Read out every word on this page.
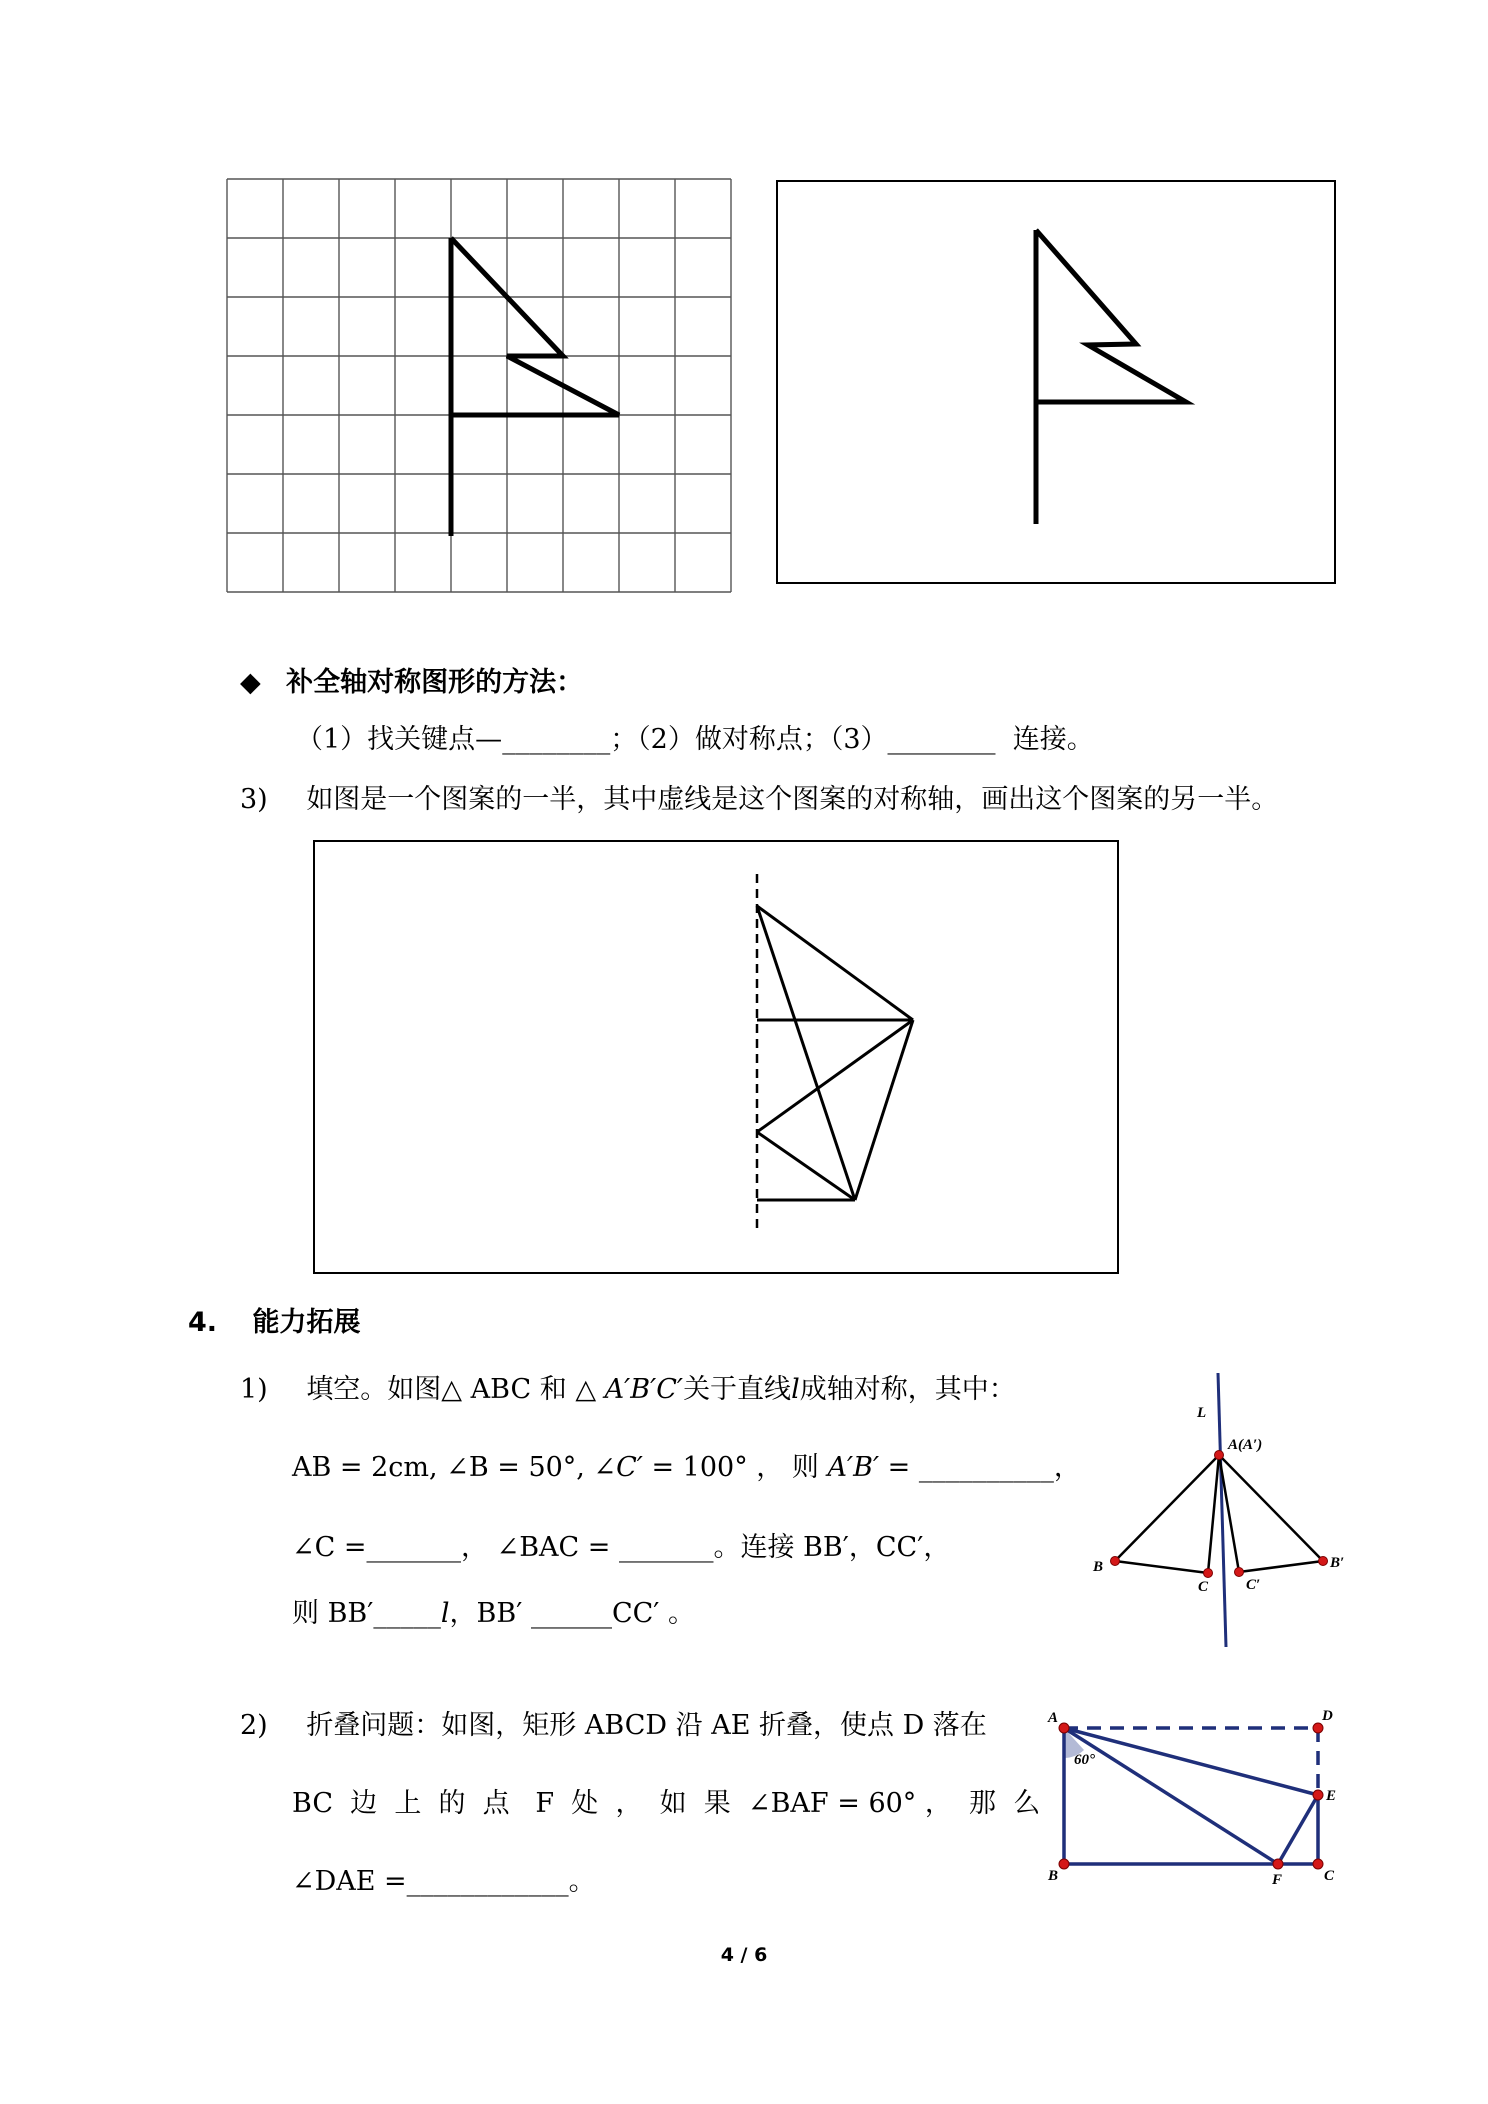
◆ 补全轴对称图形的方法：
（1）找关键点—________；（2）做对称点；（3）________ 连接。
3) 如图是一个图案的一半，其中虚线是这个图案的对称轴，画出这个图案的另一半。
4. 能力拓展
1) 填空。如图△ ABC 和 △ A′B′C′关于直线l成轴对称，其中：
AB = 2cm, ∠B = 50°, ∠C′ = 100° ， 则 A′B′ = __________，
∠C =_______， ∠BAC = _______。连接 BB′，CC′，
则 BB′_____l，BB′ ______CC′ 。
L
A(A′)
B
C	C′
B′
2) 折叠问题：如图，矩形 ABCD 沿 AE 折叠，使点 D 落在
BC  边  上  的  点   F  处  ，  如  果  ∠BAF = 60° ，  那  么
∠DAE =____________。
A	D
E
B	F	C
60°
4 / 6
